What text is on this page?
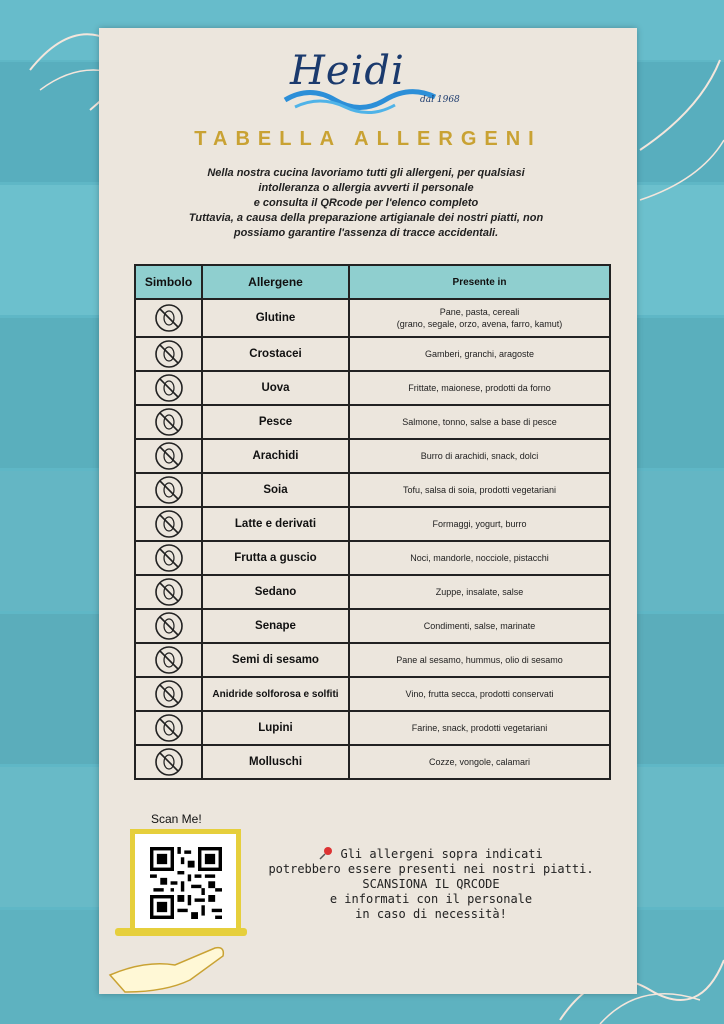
Heidi
dal 1968
TABELLA ALLERGENI

Nella nostra cucina lavoriamo tutti gli allergeni, per qualsiasi

intolleranza o allergia avverti il personale

e consulta il QRcode per l'elenco completo

Tuttavia, a causa della preparazione artigianale dei nostri piatti, non

possiamo garantire l'assenza di tracce accidentali.

Simbolo	Allergene	Presente in

	Glutine	Pane, pasta, cereali
(grano, segale, orzo, avena, farro, kamut)

	Crostacei	Gamberi, granchi, aragoste

	Uova	Frittate, maionese, prodotti da forno

	Pesce	Salmone, tonno, salse a base di pesce

	Arachidi	Burro di arachidi, snack, dolci

	Soia	Tofu, salsa di soia, prodotti vegetariani

	Latte e derivati	Formaggi, yogurt, burro

	Frutta a guscio	Noci, mandorle, nocciole, pistacchi

	Sedano	Zuppe, insalate, salse

	Senape	Condimenti, salse, marinate

	Semi di sesamo	Pane al sesamo, hummus, olio di sesamo

	Anidride solforosa e solfiti	Vino, frutta secca, prodotti conservati

	Lupini	Farine, snack, prodotti vegetariani

	Molluschi	Cozze, vongole, calamari
Scan Me!
Gli allergeni sopra indicati
potrebbero essere presenti nei nostri piatti.
SCANSIONA IL QRCODE
e informati con il personale
in caso di necessità!
